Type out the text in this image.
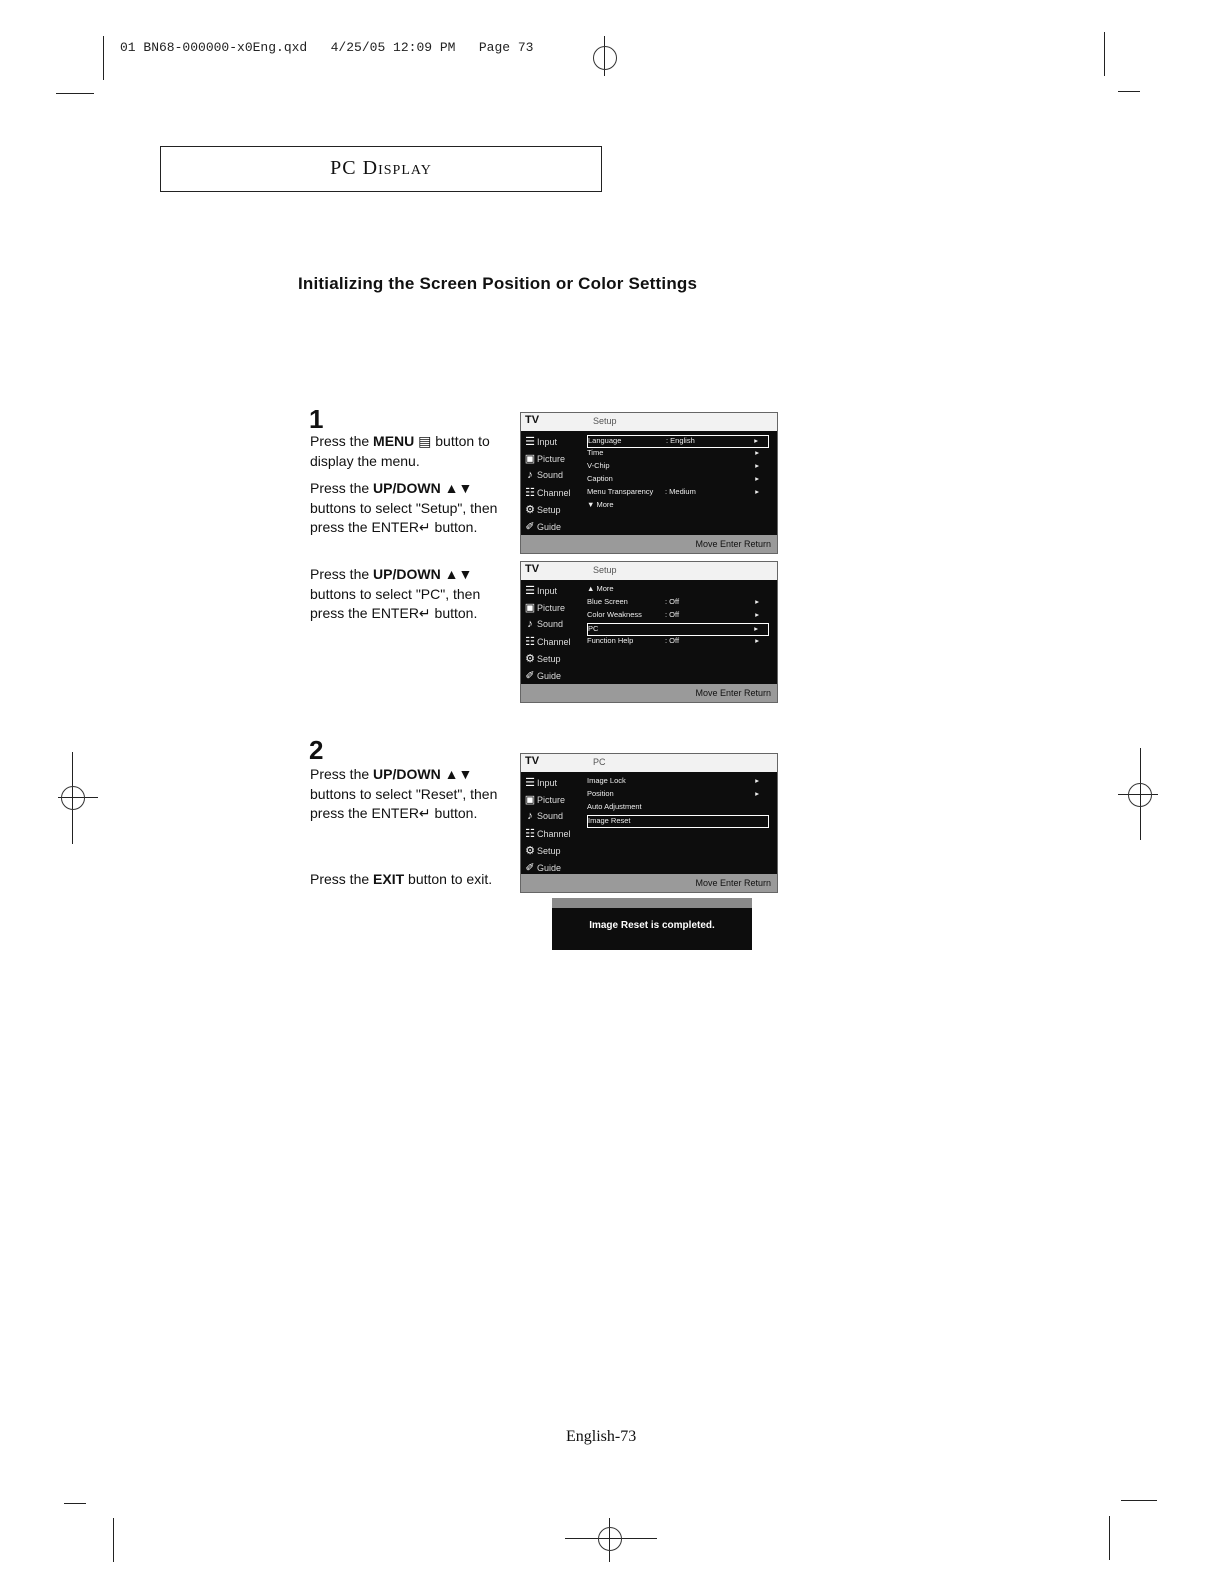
01 BN68-000000-x0Eng.qxd   4/25/05 12:09 PM   Page 73
PC Display
Initializing the Screen Position or Color Settings
1
Press the MENU ▤ button to display the menu.
Press the UP/DOWN ▲▼ buttons to select "Setup", then press the ENTER↵ button.
Press the UP/DOWN ▲▼ buttons to select "PC", then press the ENTER↵ button.
2
Press the UP/DOWN ▲▼ buttons to select "Reset", then press the ENTER↵ button.
Press the EXIT button to exit.
TV	Setup
☰ Input
▣ Picture
♪ Sound
☷ Channel
⚙ Setup
✐ Guide
Language	: English	▸
Time	▸
V-Chip	▸
Caption	▸
Menu Transparency : Medium	▸
▼ More
Move Enter Return
TV	Setup
☰ Input
▣ Picture
♪ Sound
☷ Channel
⚙ Setup
✐ Guide
▲ More
Blue Screen	: Off	▸
Color Weakness	: Off	▸
PC	▸
Function Help	: Off	▸
Move Enter Return
TV	PC
☰ Input
▣ Picture
♪ Sound
☷ Channel
⚙ Setup
✐ Guide
Image Lock	▸
Position	▸
Auto Adjustment
Image Reset
Move Enter Return
Image Reset is completed.
English-73
